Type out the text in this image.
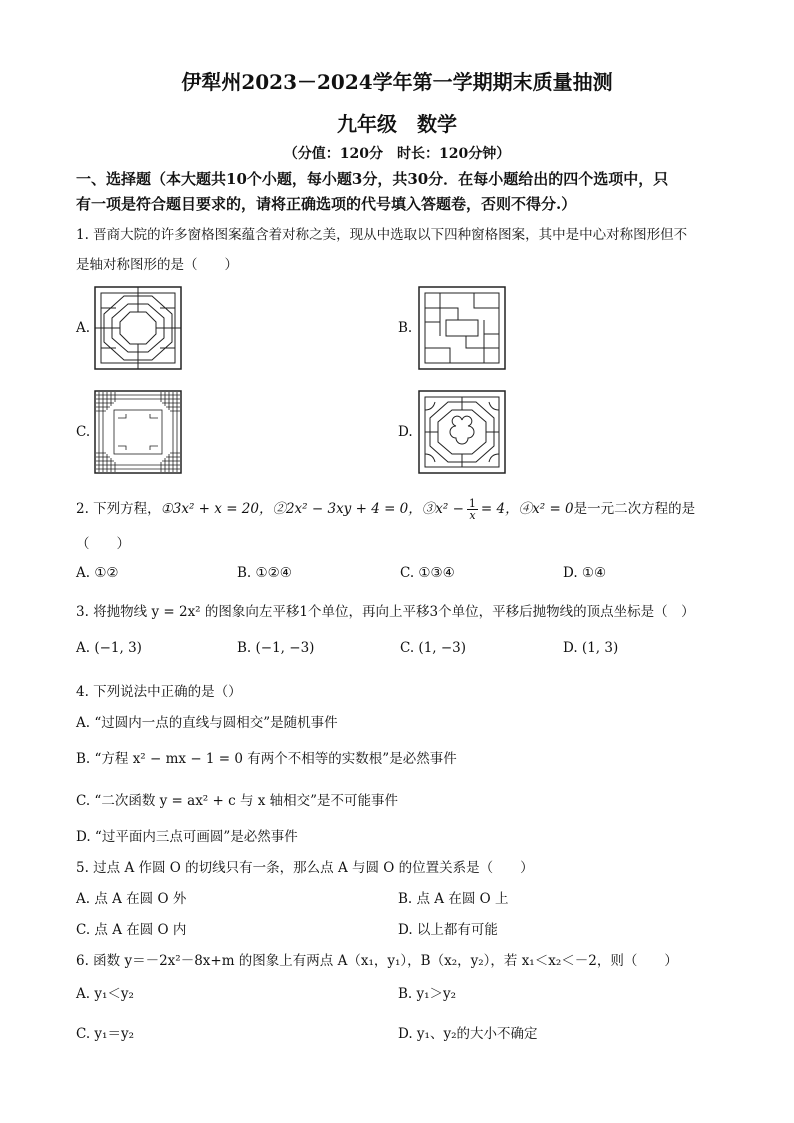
伊犁州2023－2024学年第一学期期末质量抽测
九年级　数学
（分值：120分　时长：120分钟）
一、选择题（本大题共10个小题，每小题3分，共30分．在每小题给出的四个选项中，只
有一项是符合题目要求的，请将正确选项的代号填入答题卷，否则不得分.）
1. 晋商大院的许多窗格图案蕴含着对称之美，现从中选取以下四种窗格图案，其中是中心对称图形但不
是轴对称图形的是（　　）
A.	B.
C.	D.
2. 下列方程，①3x² + x = 20，②2x² − 3xy + 4 = 0，③x² − $\frac{1}{x} = 4$，④x² = 0是一元二次方程的是
（　　）
A. ①②	B. ①②④	C. ①③④	D. ①④
3. 将抛物线 y = 2x² 的图象向左平移1个单位，再向上平移3个单位，平移后抛物线的顶点坐标是（　）
A. (−1, 3)	B. (−1, −3)	C. (1, −3)	D. (1, 3)
4. 下列说法中正确的是（）
A. “过圆内一点的直线与圆相交”是随机事件
B. “方程 x² − mx − 1 = 0 有两个不相等的实数根”是必然事件
C. “二次函数 y = ax² + c 与 x 轴相交”是不可能事件
D. “过平面内三点可画圆”是必然事件
5. 过点 A 作圆 O 的切线只有一条，那么点 A 与圆 O 的位置关系是（　　）
A. 点 A 在圆 O 外	B. 点 A 在圆 O 上
C. 点 A 在圆 O 内	D. 以上都有可能
6. 函数 y＝－2x²－8x+m 的图象上有两点 A（x₁，y₁），B（x₂，y₂），若 x₁＜x₂＜－2，则（　　）
A. y₁＜y₂	B. y₁＞y₂
C. y₁＝y₂	D. y₁、y₂的大小不确定
